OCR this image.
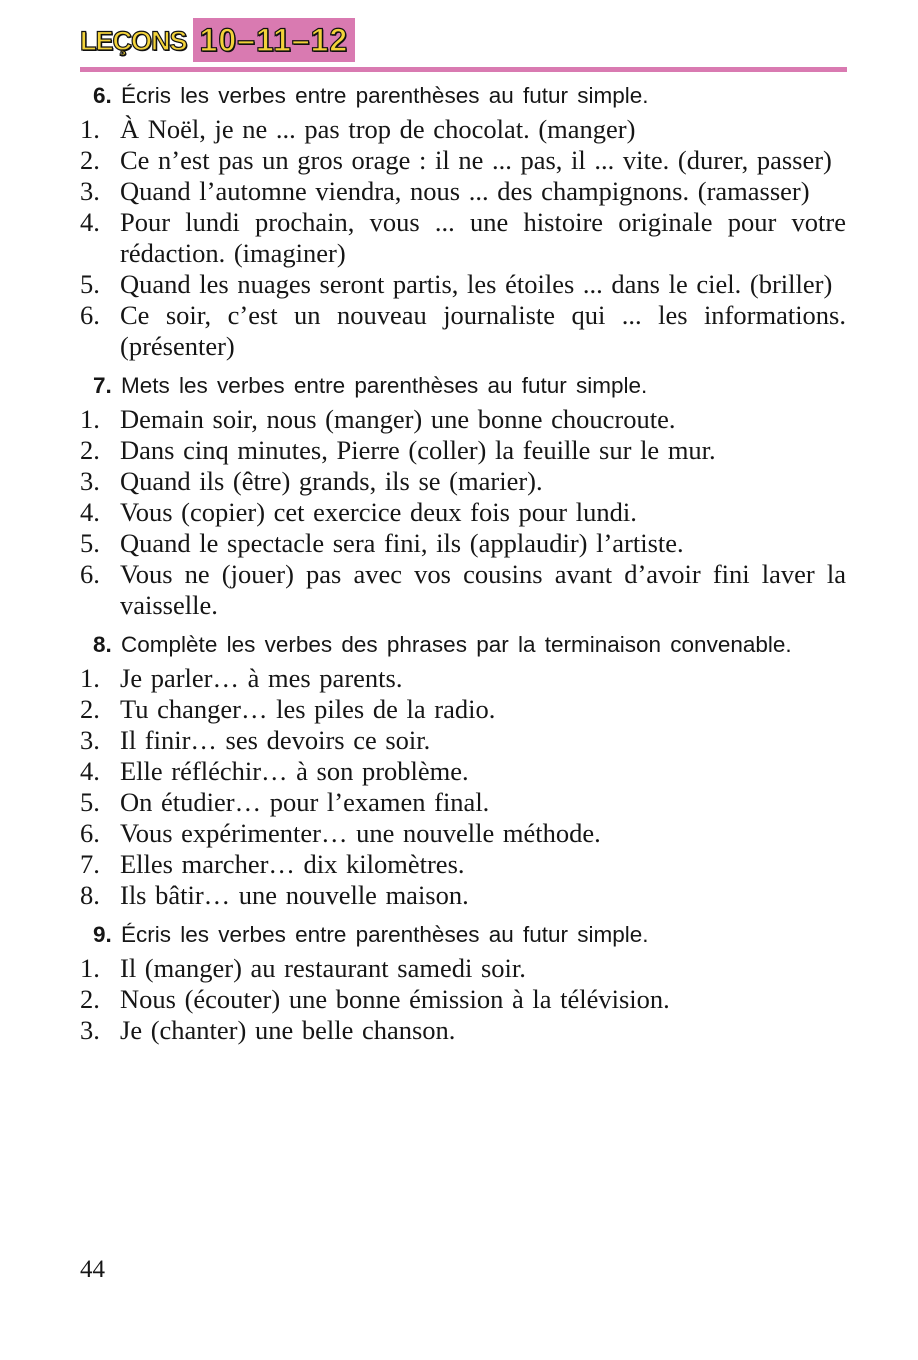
LEÇONS 10–11–12
6. Écris les verbes entre parenthèses au futur simple.
1. À Noël, je ne ... pas trop de chocolat. (manger)
2. Ce n’est pas un gros orage : il ne ... pas, il ... vite. (durer, passer)
3. Quand l’automne viendra, nous ... des champignons. (ramasser)
4. Pour lundi prochain, vous ... une histoire originale pour votre rédaction. (imaginer)
5. Quand les nuages seront partis, les étoiles ... dans le ciel. (briller)
6. Ce soir, c’est un nouveau journaliste qui ... les informations. (présenter)
7. Mets les verbes entre parenthèses au futur simple.
1. Demain soir, nous (manger) une bonne choucroute.
2. Dans cinq minutes, Pierre (coller) la feuille sur le mur.
3. Quand ils (être) grands, ils se (marier).
4. Vous (copier) cet exercice deux fois pour lundi.
5. Quand le spectacle sera fini, ils (applaudir) l’artiste.
6. Vous ne (jouer) pas avec vos cousins avant d’avoir fini laver la vaisselle.
8. Complète les verbes des phrases par la terminaison convenable.
1. Je parler… à mes parents.
2. Tu changer… les piles de la radio.
3. Il finir… ses devoirs ce soir.
4. Elle réfléchir… à son problème.
5. On étudier… pour l’examen final.
6. Vous expérimenter… une nouvelle méthode.
7. Elles marcher… dix kilomètres.
8. Ils bâtir… une nouvelle maison.
9. Écris les verbes entre parenthèses au futur simple.
1. Il (manger) au restaurant samedi soir.
2. Nous (écouter) une bonne émission à la télévision.
3. Je (chanter) une belle chanson.
44
